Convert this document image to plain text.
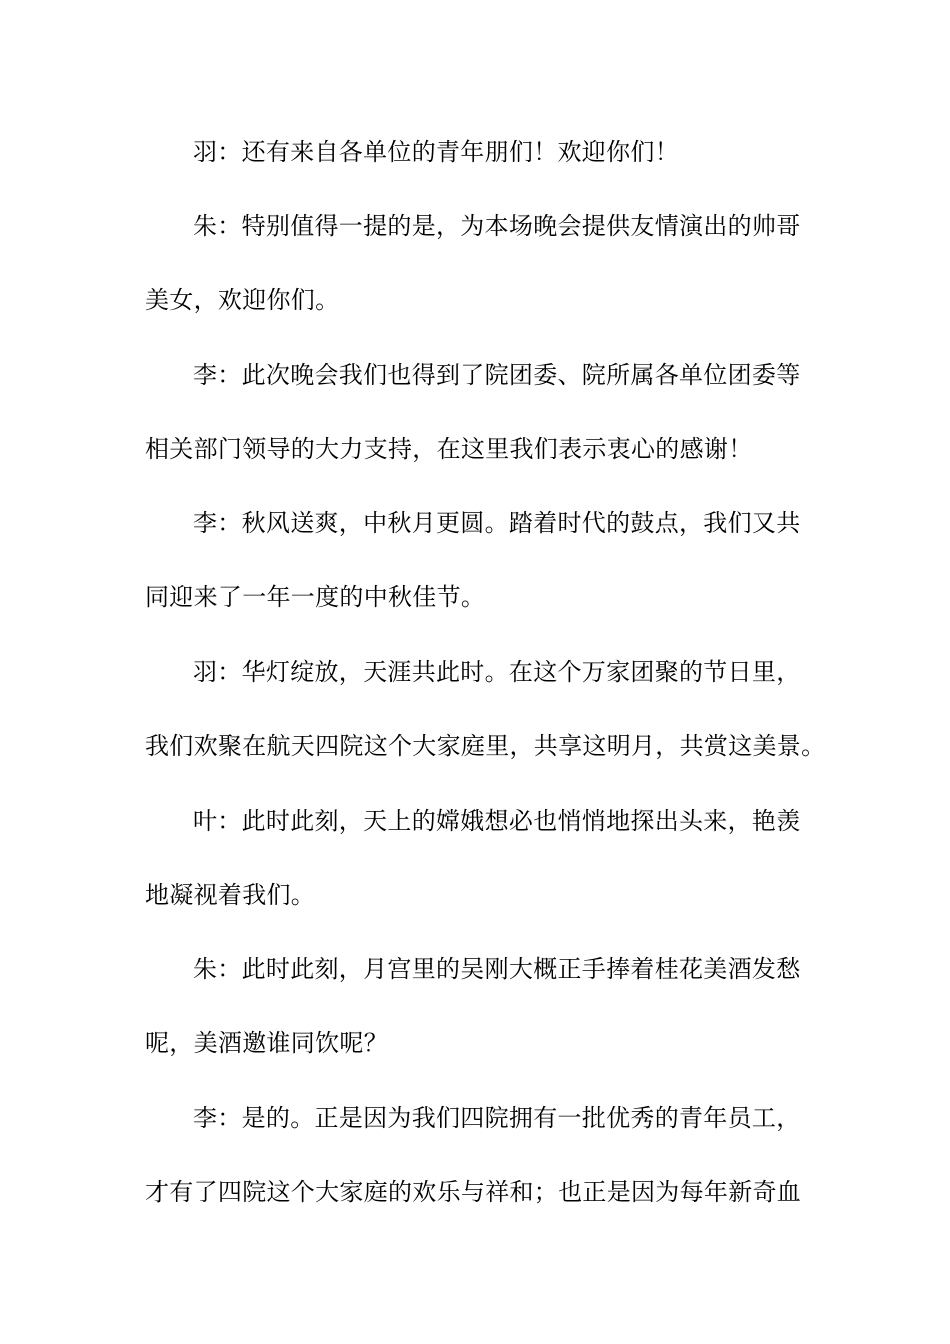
羽：还有来自各单位的青年朋们！欢迎你们！
朱：特别值得一提的是，为本场晚会提供友情演出的帅哥
美女，欢迎你们。
李：此次晚会我们也得到了院团委、院所属各单位团委等
相关部门领导的大力支持，在这里我们表示衷心的感谢！
李：秋风送爽，中秋月更圆。踏着时代的鼓点，我们又共
同迎来了一年一度的中秋佳节。
羽：华灯绽放，天涯共此时。在这个万家团聚的节日里，
我们欢聚在航天四院这个大家庭里，共享这明月，共赏这美景。
叶：此时此刻，天上的嫦娥想必也悄悄地探出头来，艳羡
地凝视着我们。
朱：此时此刻，月宫里的吴刚大概正手捧着桂花美酒发愁
呢，美酒邀谁同饮呢？
李：是的。正是因为我们四院拥有一批优秀的青年员工，
才有了四院这个大家庭的欢乐与祥和；也正是因为每年新奇血
